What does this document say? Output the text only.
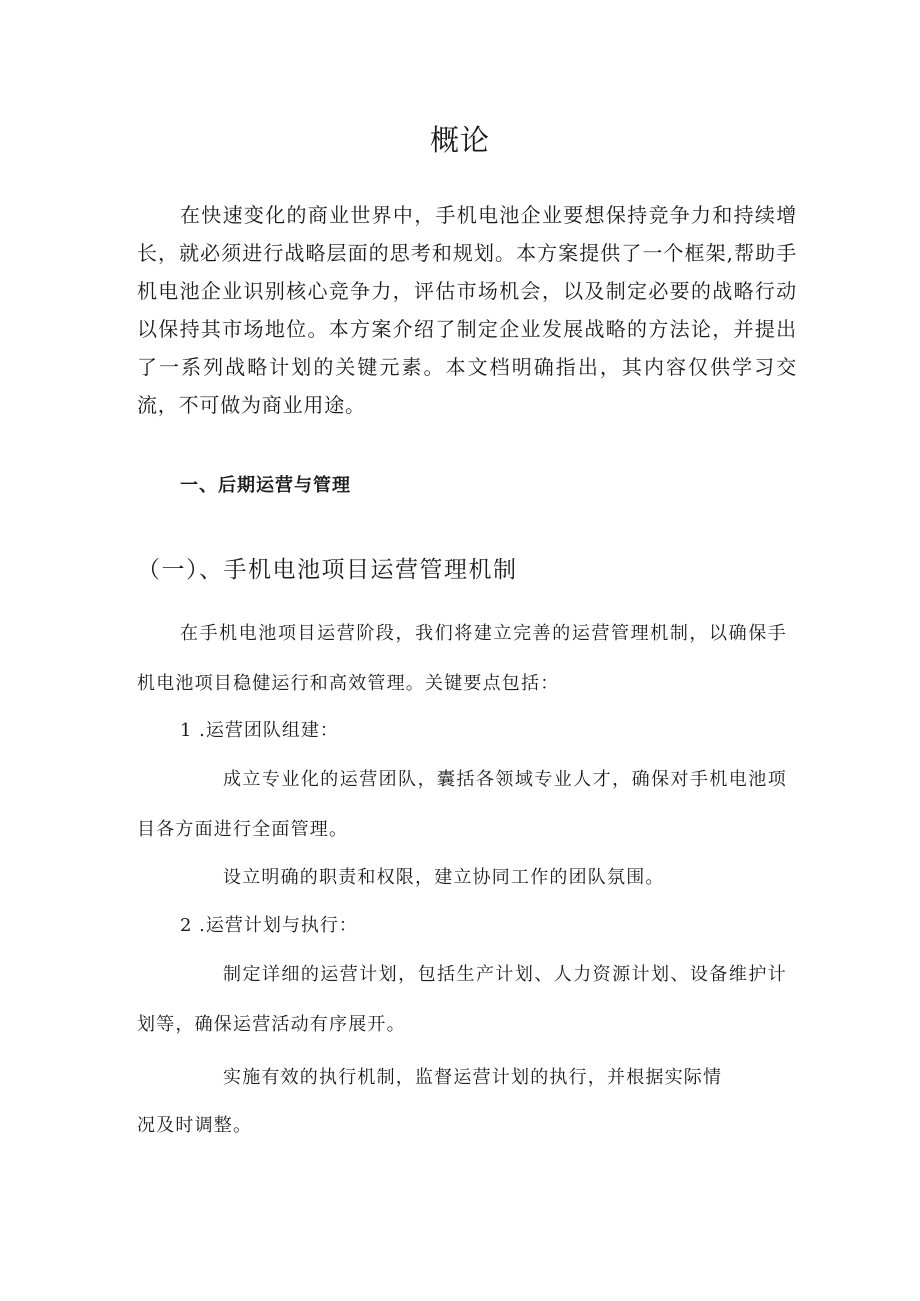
概论

在快速变化的商业世界中，手机电池企业要想保持竞争力和持续增长，就必须进行战略层面的思考和规划。本方案提供了一个框架,帮助手机电池企业识别核心竞争力，评估市场机会，以及制定必要的战略行动以保持其市场地位。本方案介绍了制定企业发展战略的方法论，并提出了一系列战略计划的关键元素。本文档明确指出，其内容仅供学习交流，不可做为商业用途。

一、后期运营与管理
（一）、手机电池项目运营管理机制

在手机电池项目运营阶段，我们将建立完善的运营管理机制，以确保手机电池项目稳健运行和高效管理。关键要点包括：

1 .运营团队组建：

成立专业化的运营团队，囊括各领域专业人才，确保对手机电池项目各方面进行全面管理。

设立明确的职责和权限，建立协同工作的团队氛围。

2 .运营计划与执行：

制定详细的运营计划，包括生产计划、人力资源计划、设备维护计划等，确保运营活动有序展开。

实施有效的执行机制，监督运营计划的执行，并根据实际情

况及时调整。
